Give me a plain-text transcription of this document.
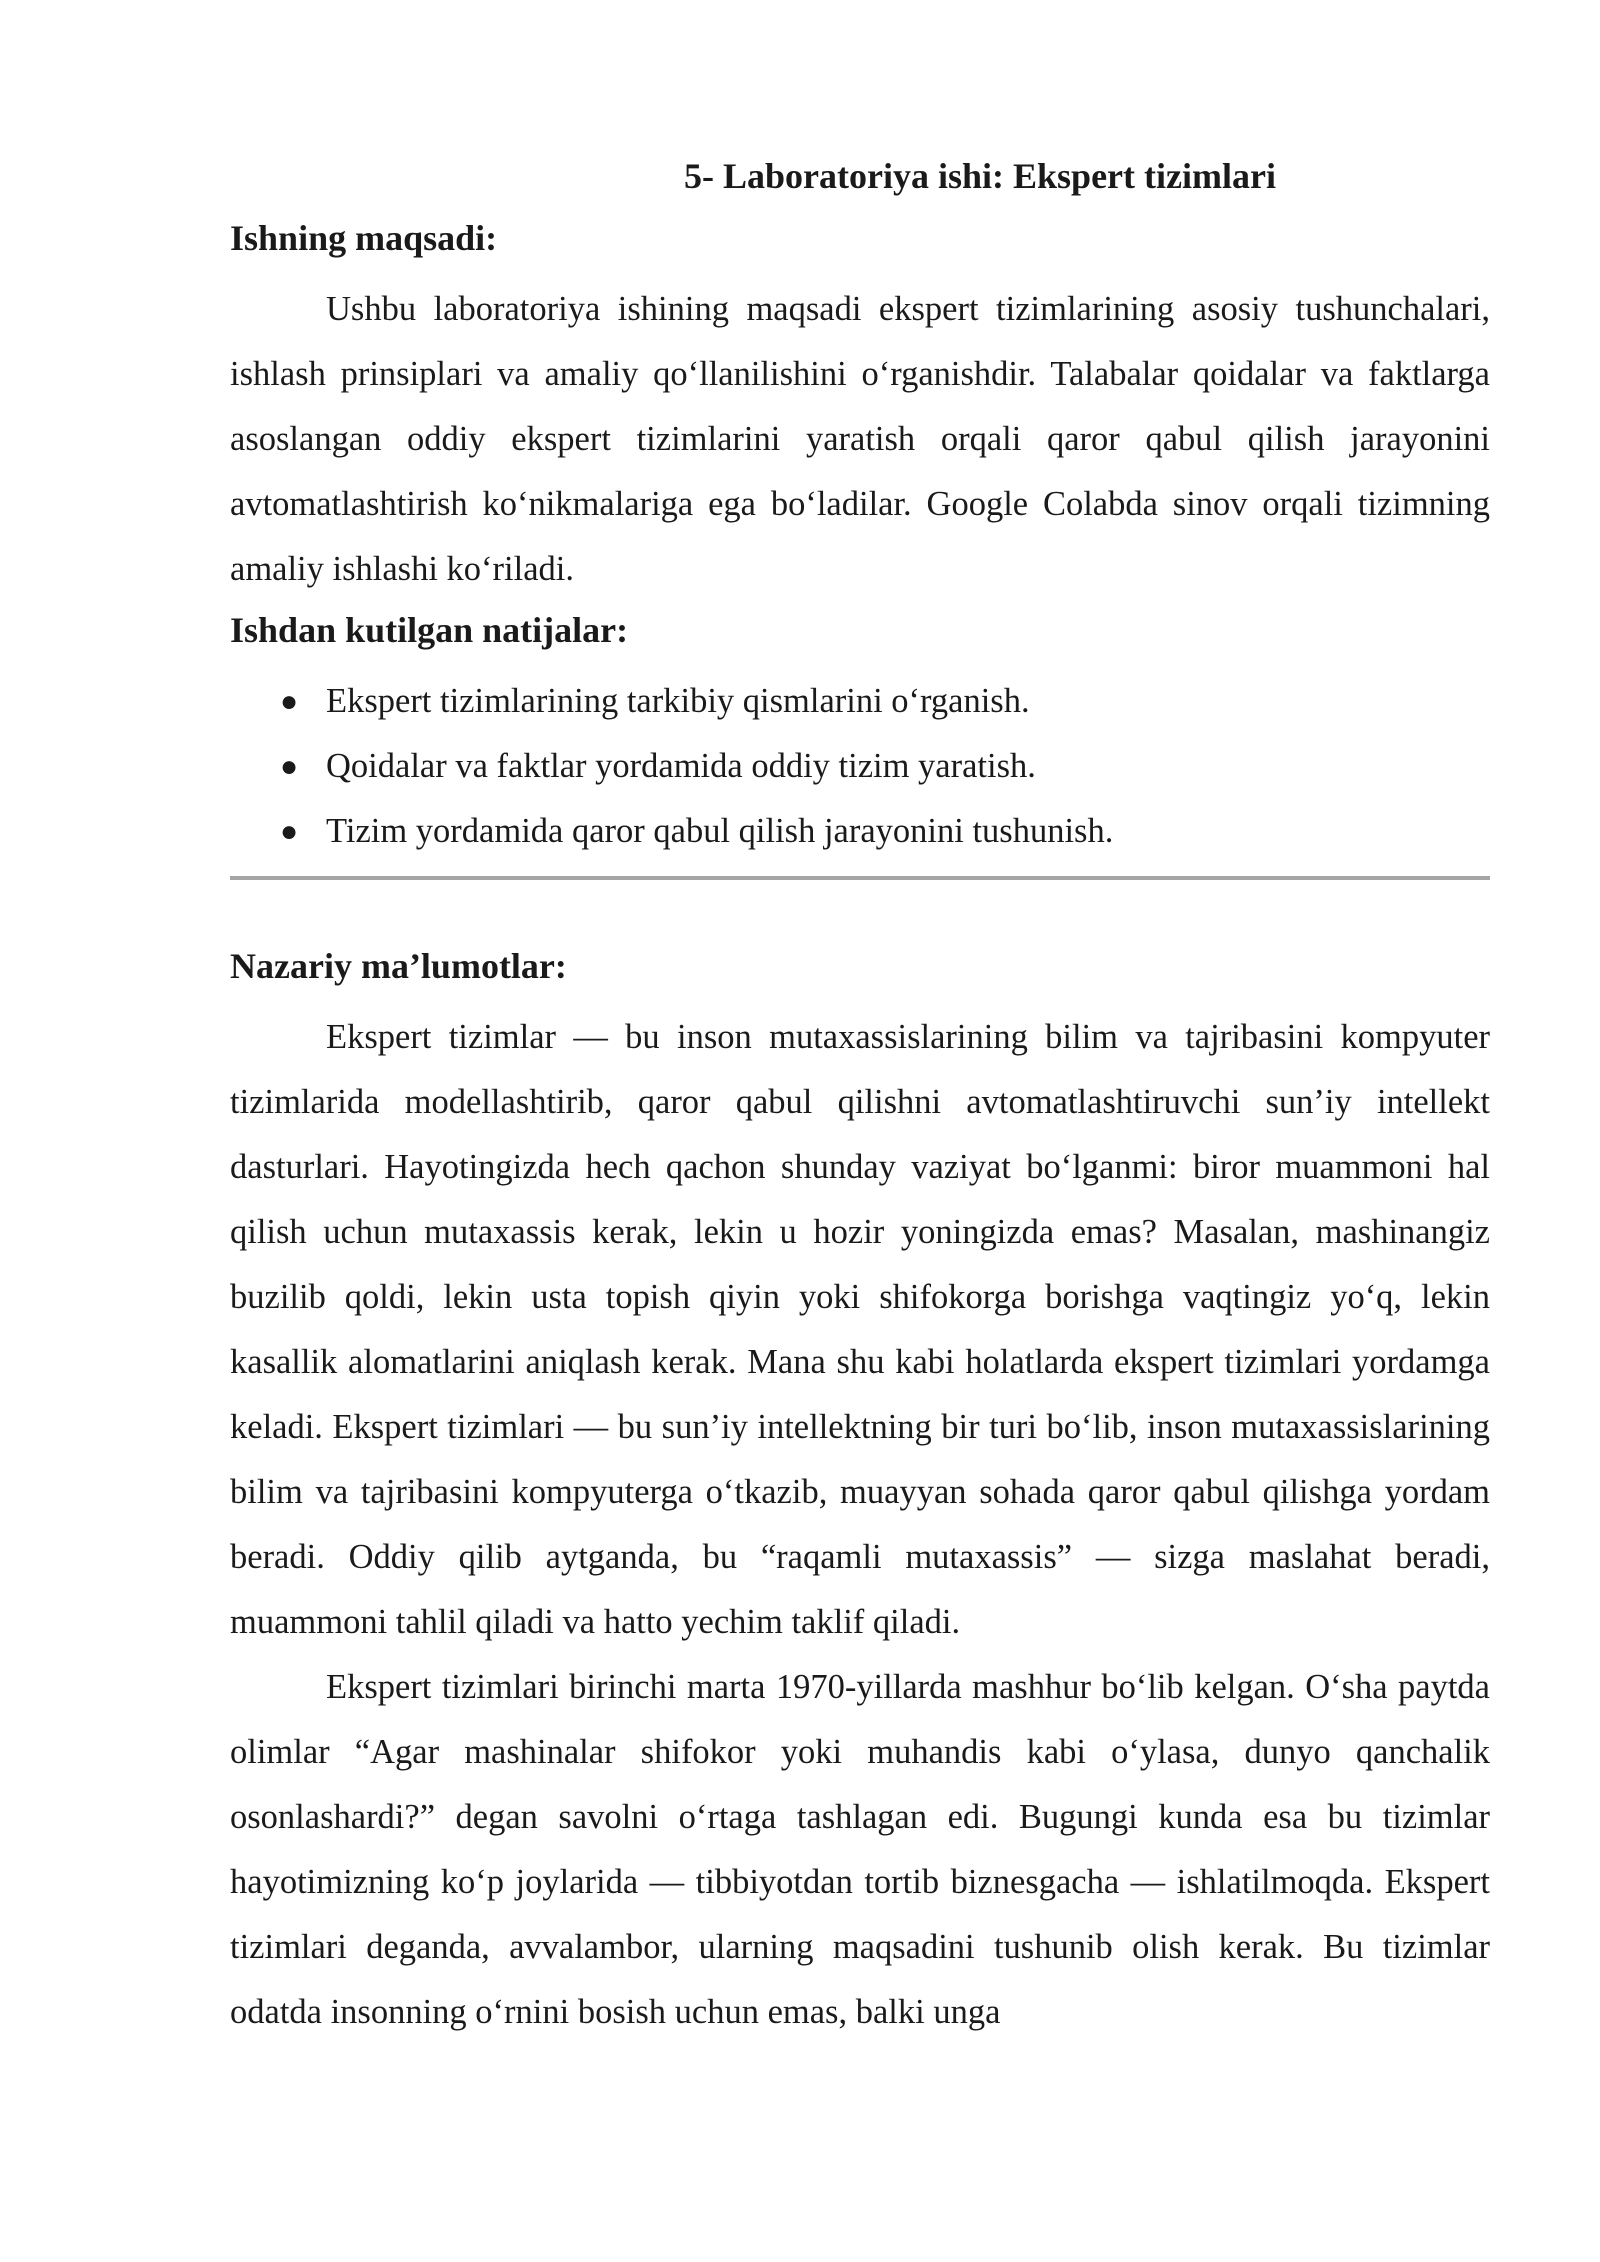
5- Laboratoriya ishi: Ekspert tizimlari
Ishning maqsadi:

Ushbu laboratoriya ishining maqsadi ekspert tizimlarining asosiy tushunchalari, ishlash prinsiplari va amaliy qo‘llanilishini o‘rganishdir. Talabalar qoidalar va faktlarga asoslangan oddiy ekspert tizimlarini yaratish orqali qaror qabul qilish jarayonini avtomatlashtirish ko‘nikmalariga ega bo‘ladilar. Google Colabda sinov orqali tizimning amaliy ishlashi ko‘riladi.

Ishdan kutilgan natijalar:
● Ekspert tizimlarining tarkibiy qismlarini o‘rganish.
● Qoidalar va faktlar yordamida oddiy tizim yaratish.
● Tizim yordamida qaror qabul qilish jarayonini tushunish.
Nazariy ma’lumotlar:

Ekspert tizimlar — bu inson mutaxassislarining bilim va tajribasini kompyuter tizimlarida modellashtirib, qaror qabul qilishni avtomatlashtiruvchi sun’iy intellekt dasturlari. Hayotingizda hech qachon shunday vaziyat bo‘lganmi: biror muammoni hal qilish uchun mutaxassis kerak, lekin u hozir yoningizda emas? Masalan, mashinangiz buzilib qoldi, lekin usta topish qiyin yoki shifokorga borishga vaqtingiz yo‘q, lekin kasallik alomatlarini aniqlash kerak. Mana shu kabi holatlarda ekspert tizimlari yordamga keladi. Ekspert tizimlari — bu sun’iy intellektning bir turi bo‘lib, inson mutaxassislarining bilim va tajribasini kompyuterga o‘tkazib, muayyan sohada qaror qabul qilishga yordam beradi. Oddiy qilib aytganda, bu “raqamli mutaxassis” — sizga maslahat beradi, muammoni tahlil qiladi va hatto yechim taklif qiladi.

Ekspert tizimlari birinchi marta 1970-yillarda mashhur bo‘lib kelgan. O‘sha paytda olimlar “Agar mashinalar shifokor yoki muhandis kabi o‘ylasa, dunyo qanchalik osonlashardi?” degan savolni o‘rtaga tashlagan edi. Bugungi kunda esa bu tizimlar hayotimizning ko‘p joylarida — tibbiyotdan tortib biznesgacha — ishlatilmoqda. Ekspert tizimlari deganda, avvalambor, ularning maqsadini tushunib olish kerak. Bu tizimlar odatda insonning o‘rnini bosish uchun emas, balki unga
